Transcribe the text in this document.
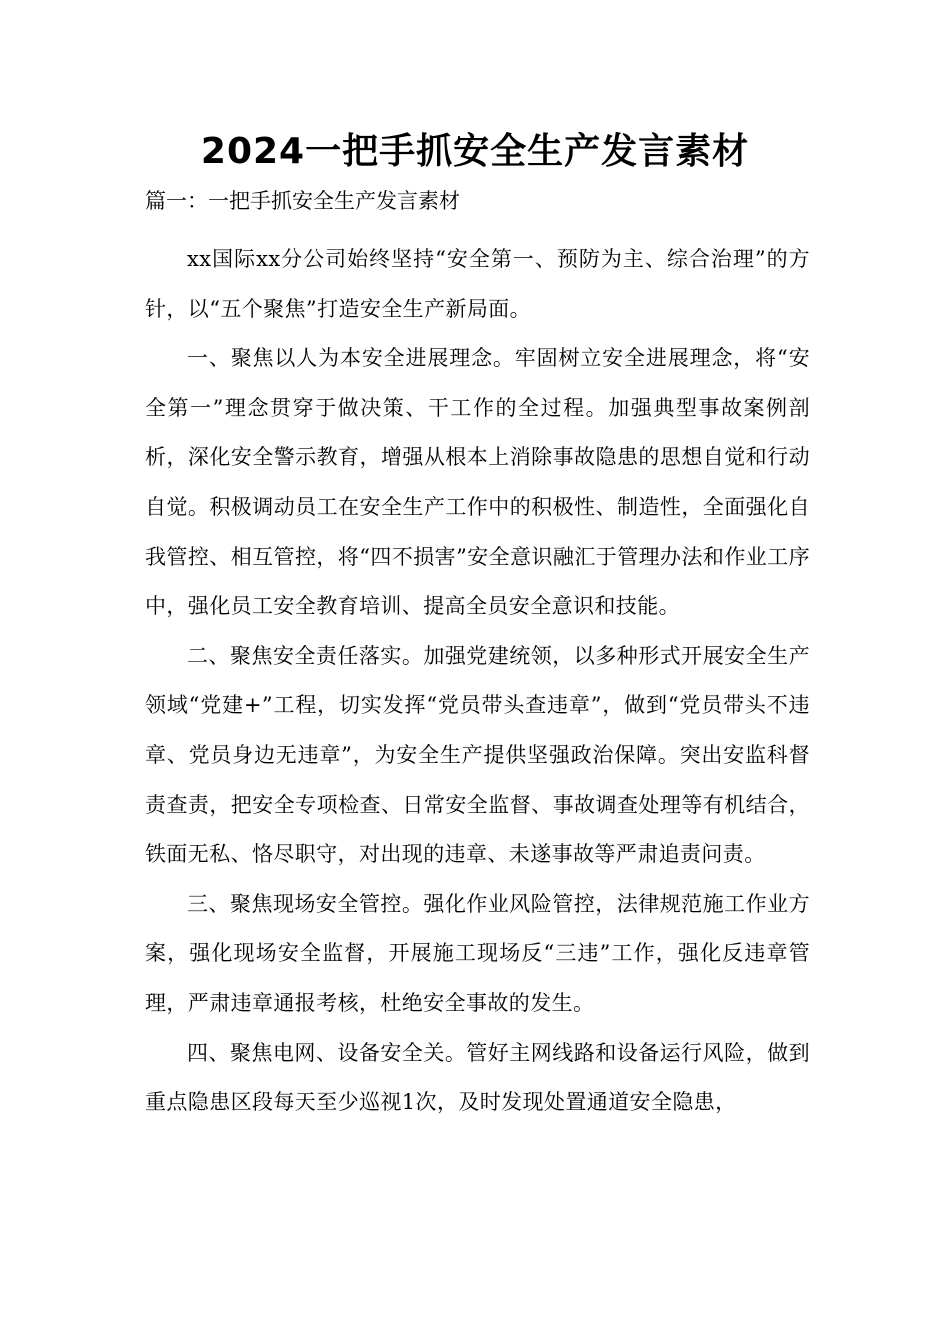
2024一把手抓安全生产发言素材

篇一：一把手抓安全生产发言素材

xx国际xx分公司始终坚持“安全第一、预防为主、综合治理”的方针，以“五个聚焦”打造安全生产新局面。

一、聚焦以人为本安全进展理念。牢固树立安全进展理念，将“安全第一”理念贯穿于做决策、干工作的全过程。加强典型事故案例剖析，深化安全警示教育，增强从根本上消除事故隐患的思想自觉和行动自觉。积极调动员工在安全生产工作中的积极性、制造性，全面强化自我管控、相互管控，将“四不损害”安全意识融汇于管理办法和作业工序中，强化员工安全教育培训、提高全员安全意识和技能。

二、聚焦安全责任落实。加强党建统领，以多种形式开展安全生产领域“党建+”工程，切实发挥“党员带头查违章”，做到“党员带头不违章、党员身边无违章”，为安全生产提供坚强政治保障。突出安监科督责查责，把安全专项检查、日常安全监督、事故调查处理等有机结合，铁面无私、恪尽职守，对出现的违章、未遂事故等严肃追责问责。

三、聚焦现场安全管控。强化作业风险管控，法律规范施工作业方案，强化现场安全监督，开展施工现场反“三违”工作，强化反违章管理，严肃违章通报考核，杜绝安全事故的发生。

四、聚焦电网、设备安全关。管好主网线路和设备运行风险，做到重点隐患区段每天至少巡视1次，及时发现处置通道安全隐患，
